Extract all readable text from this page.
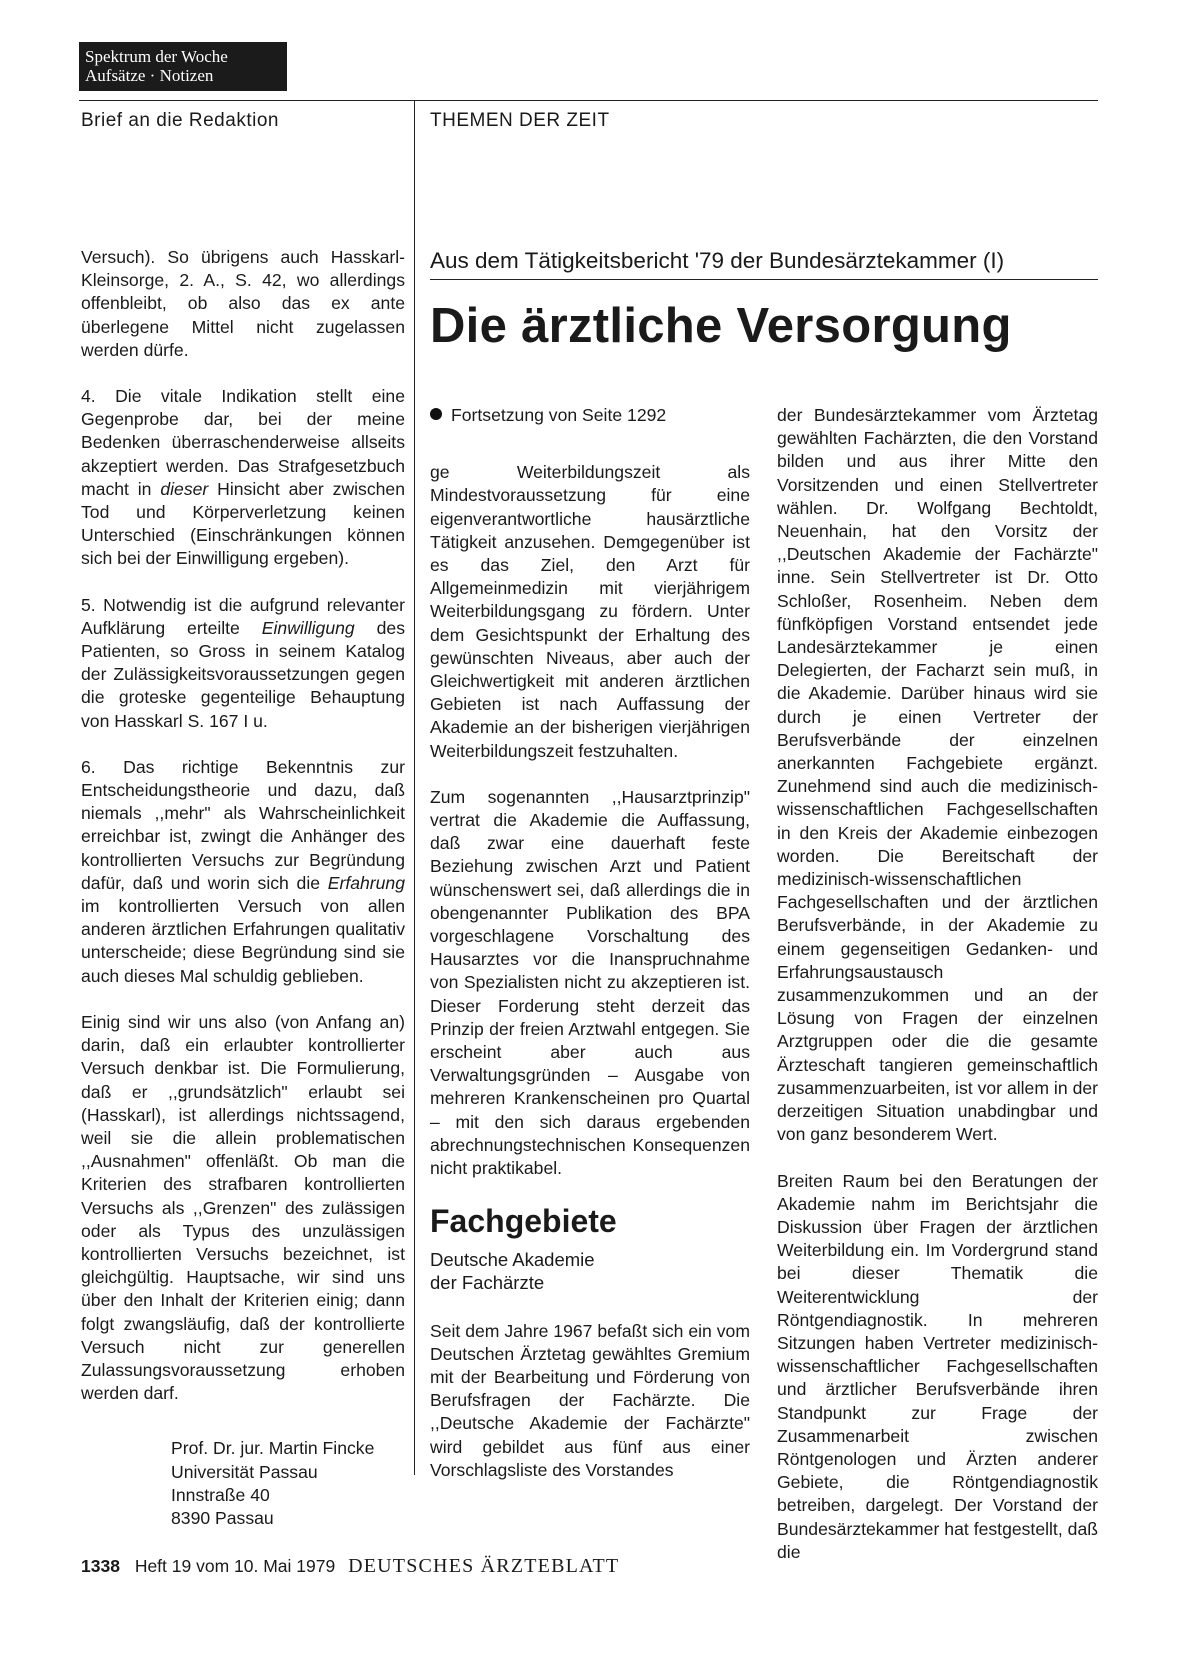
Spektrum der Woche
Aufsätze · Notizen
Brief an die Redaktion	THEMEN DER ZEIT

Versuch). So übrigens auch Hasskarl-Kleinsorge, 2. A., S. 42, wo allerdings offenbleibt, ob also das ex ante überlegene Mittel nicht zugelassen werden dürfe.

4. Die vitale Indikation stellt eine Gegenprobe dar, bei der meine Bedenken überraschenderweise allseits akzeptiert werden. Das Strafgesetzbuch macht in dieser Hinsicht aber zwischen Tod und Körperverletzung keinen Unterschied (Einschränkungen können sich bei der Einwilligung ergeben).

5. Notwendig ist die aufgrund relevanter Aufklärung erteilte Einwilligung des Patienten, so Gross in seinem Katalog der Zulässigkeitsvoraussetzungen gegen die groteske gegenteilige Behauptung von Hasskarl S. 167 I u.

6. Das richtige Bekenntnis zur Entscheidungstheorie und dazu, daß niemals ,,mehr" als Wahrscheinlichkeit erreichbar ist, zwingt die Anhänger des kontrollierten Versuchs zur Begründung dafür, daß und worin sich die Erfahrung im kontrollierten Versuch von allen anderen ärztlichen Erfahrungen qualitativ unterscheide; diese Begründung sind sie auch dieses Mal schuldig geblieben.

Einig sind wir uns also (von Anfang an) darin, daß ein erlaubter kontrollierter Versuch denkbar ist. Die Formulierung, daß er ,,grundsätzlich" erlaubt sei (Hasskarl), ist allerdings nichtssagend, weil sie die allein problematischen ,,Ausnahmen" offenläßt. Ob man die Kriterien des strafbaren kontrollierten Versuchs als ,,Grenzen" des zulässigen oder als Typus des unzulässigen kontrollierten Versuchs bezeichnet, ist gleichgültig. Hauptsache, wir sind uns über den Inhalt der Kriterien einig; dann folgt zwangsläufig, daß der kontrollierte Versuch nicht zur generellen Zulassungsvoraussetzung erhoben werden darf.

Prof. Dr. jur. Martin Fincke
Universität Passau
Innstraße 40
8390 Passau
Aus dem Tätigkeitsbericht '79 der Bundesärztekammer (I)
Die ärztliche Versorgung
Fortsetzung von Seite 1292

ge Weiterbildungszeit als Mindestvoraussetzung für eine eigenverantwortliche hausärztliche Tätigkeit anzusehen. Demgegenüber ist es das Ziel, den Arzt für Allgemeinmedizin mit vierjährigem Weiterbildungsgang zu fördern. Unter dem Gesichtspunkt der Erhaltung des gewünschten Niveaus, aber auch der Gleichwertigkeit mit anderen ärztlichen Gebieten ist nach Auffassung der Akademie an der bisherigen vierjährigen Weiterbildungszeit festzuhalten.

Zum sogenannten ,,Hausarztprinzip" vertrat die Akademie die Auffassung, daß zwar eine dauerhaft feste Beziehung zwischen Arzt und Patient wünschenswert sei, daß allerdings die in obengenannter Publikation des BPA vorgeschlagene Vorschaltung des Hausarztes vor die Inanspruchnahme von Spezialisten nicht zu akzeptieren ist. Dieser Forderung steht derzeit das Prinzip der freien Arztwahl entgegen. Sie erscheint aber auch aus Verwaltungsgründen – Ausgabe von mehreren Krankenscheinen pro Quartal – mit den sich daraus ergebenden abrechnungstechnischen Konsequenzen nicht praktikabel.

Fachgebiete
Deutsche Akademie
der Fachärzte

Seit dem Jahre 1967 befaßt sich ein vom Deutschen Ärztetag gewähltes Gremium mit der Bearbeitung und Förderung von Berufsfragen der Fachärzte. Die ,,Deutsche Akademie der Fachärzte" wird gebildet aus fünf aus einer Vorschlagsliste des Vorstandes

der Bundesärztekammer vom Ärztetag gewählten Fachärzten, die den Vorstand bilden und aus ihrer Mitte den Vorsitzenden und einen Stellvertreter wählen. Dr. Wolfgang Bechtoldt, Neuenhain, hat den Vorsitz der ,,Deutschen Akademie der Fachärzte" inne. Sein Stellvertreter ist Dr. Otto Schloßer, Rosenheim. Neben dem fünfköpfigen Vorstand entsendet jede Landesärztekammer je einen Delegierten, der Facharzt sein muß, in die Akademie. Darüber hinaus wird sie durch je einen Vertreter der Berufsverbände der einzelnen anerkannten Fachgebiete ergänzt. Zunehmend sind auch die medizinisch-wissenschaftlichen Fachgesellschaften in den Kreis der Akademie einbezogen worden. Die Bereitschaft der medizinisch-wissenschaftlichen Fachgesellschaften und der ärztlichen Berufsverbände, in der Akademie zu einem gegenseitigen Gedanken- und Erfahrungsaustausch zusammenzukommen und an der Lösung von Fragen der einzelnen Arztgruppen oder die die gesamte Ärzteschaft tangieren gemeinschaftlich zusammenzuarbeiten, ist vor allem in der derzeitigen Situation unabdingbar und von ganz besonderem Wert.

Breiten Raum bei den Beratungen der Akademie nahm im Berichtsjahr die Diskussion über Fragen der ärztlichen Weiterbildung ein. Im Vordergrund stand bei dieser Thematik die Weiterentwicklung der Röntgendiagnostik. In mehreren Sitzungen haben Vertreter medizinisch-wissenschaftlicher Fachgesellschaften und ärztlicher Berufsverbände ihren Standpunkt zur Frage der Zusammenarbeit zwischen Röntgenologen und Ärzten anderer Gebiete, die Röntgendiagnostik betreiben, dargelegt. Der Vorstand der Bundesärztekammer hat festgestellt, daß die

1338 Heft 19 vom 10. Mai 1979 DEUTSCHES ÄRZTEBLATT
